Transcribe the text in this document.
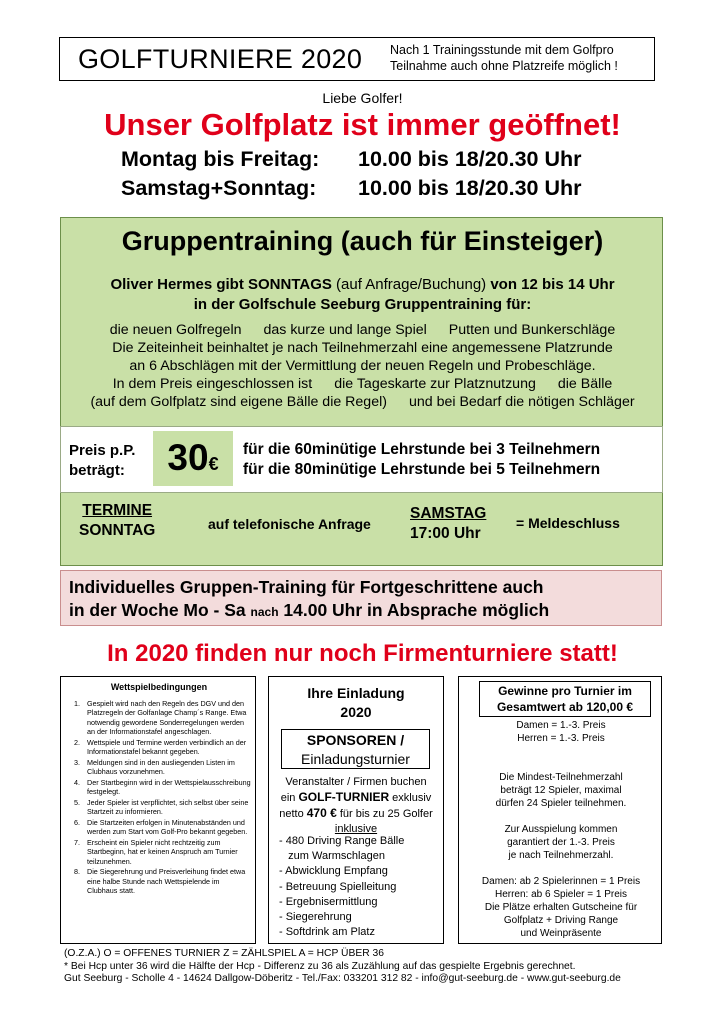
GOLFTURNIERE 2020 Nach 1 Trainingsstunde mit dem Golfpro
Teilnahme auch ohne Platzreife möglich !
Liebe Golfer!
Unser Golfplatz ist immer geöffnet!
Montag bis Freitag: 10.00 bis 18/20.30 Uhr
Samstag+Sonntag: 10.00 bis 18/20.30 Uhr
Gruppentraining (auch für Einsteiger)
Oliver Hermes gibt SONNTAGS (auf Anfrage/Buchung) von 12 bis 14 Uhr
in der Golfschule Seeburg Gruppentraining für:
die neuen Golfregeln das kurze und lange Spiel Putten und Bunkerschläge
Die Zeiteinheit beinhaltet je nach Teilnehmerzahl eine angemessene Platzrunde
an 6 Abschlägen mit der Vermittlung der neuen Regeln und Probeschläge.
In dem Preis eingeschlossen ist die Tageskarte zur Platznutzung die Bälle
(auf dem Golfplatz sind eigene Bälle die Regel) und bei Bedarf die nötigen Schläger
TERMINE
SONNTAG	auf telefonische Anfrage
SAMSTAG
17:00 Uhr
= Meldeschluss
Preis p.P.
beträgt:	30€
für die 60minütige Lehrstunde bei 3 Teilnehmern
für die 80minütige Lehrstunde bei 5 Teilnehmern
Individuelles Gruppen-Training für Fortgeschrittene auch
in der Woche Mo - Sa nach 14.00 Uhr in Absprache möglich
In 2020 finden nur noch Firmenturniere statt!
Wettspielbedingungen
1. Gespielt wird nach den Regeln des DGV und den Platzregeln der Golfanlage Champ´s Range. Etwa notwendig gewordene Sonderregelungen werden an der Informationstafel angeschlagen.
2. Wettspiele und Termine werden verbindlich an der Informationstafel bekannt gegeben.
3. Meldungen sind in den ausliegenden Listen im Clubhaus vorzunehmen.
4. Der Startbeginn wird in der Wettspielausschreibung festgelegt.
5. Jeder Spieler ist verpflichtet, sich selbst über seine Startzeit zu informieren.
6. Die Startzeiten erfolgen in Minutenabständen und werden zum Start vom Golf-Pro bekannt gegeben.
7. Erscheint ein Spieler nicht rechtzeitig zum Startbeginn, hat er keinen Anspruch am Turnier teilzunehmen.
8. Die Siegerehrung und Preisverleihung findet etwa eine halbe Stunde nach Wettspielende im Clubhaus statt.
Ihre Einladung
2020
SPONSOREN /
Einladungsturnier
Veranstalter / Firmen buchen
ein GOLF-TURNIER exklusiv
netto 470 € für bis zu 25 Golfer
inklusive
- 480 Driving Range Bälle
zum Warmschlagen
- Abwicklung Empfang
- Betreuung Spielleitung
- Ergebnisermittlung
- Siegerehrung
- Softdrink am Platz
Gewinne pro Turnier im
Gesamtwert ab 120,00 €
Damen = 1.-3. Preis
Herren = 1.-3. Preis
Die Mindest-Teilnehmerzahl
beträgt 12 Spieler, maximal
dürfen 24 Spieler teilnehmen.
Zur Ausspielung kommen
garantiert der 1.-3. Preis
je nach Teilnehmerzahl.
Damen: ab 2 Spielerinnen = 1 Preis
Herren: ab 6 Spieler = 1 Preis
Die Plätze erhalten Gutscheine für
Golfplatz + Driving Range
und Weinpräsente
(O.Z.A.) O = OFFENES TURNIER Z = ZÄHLSPIEL A = HCP ÜBER 36
* Bei Hcp unter 36 wird die Hälfte der Hcp - Differenz zu 36 als Zuzählung auf das gespielte Ergebnis gerechnet.
Gut Seeburg - Scholle 4 - 14624 Dallgow-Döberitz - Tel./Fax: 033201 312 82 - info@gut-seeburg.de - www.gut-seeburg.de
